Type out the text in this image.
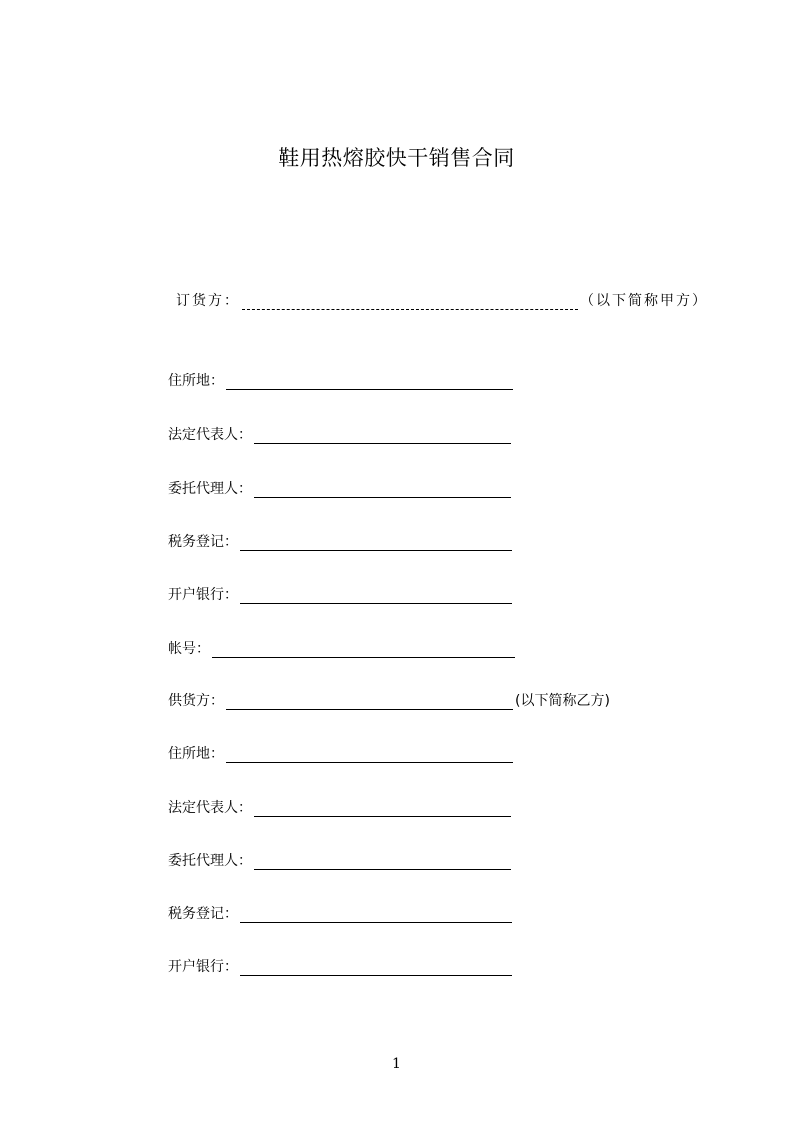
鞋用热熔胶快干销售合同
订货方：	（以下简称甲方）
住所地：
法定代表人：
委托代理人：
税务登记：
开户银行：
帐号：
供货方：	(以下简称乙方)
住所地：
法定代表人：
委托代理人：
税务登记：
开户银行：
1
